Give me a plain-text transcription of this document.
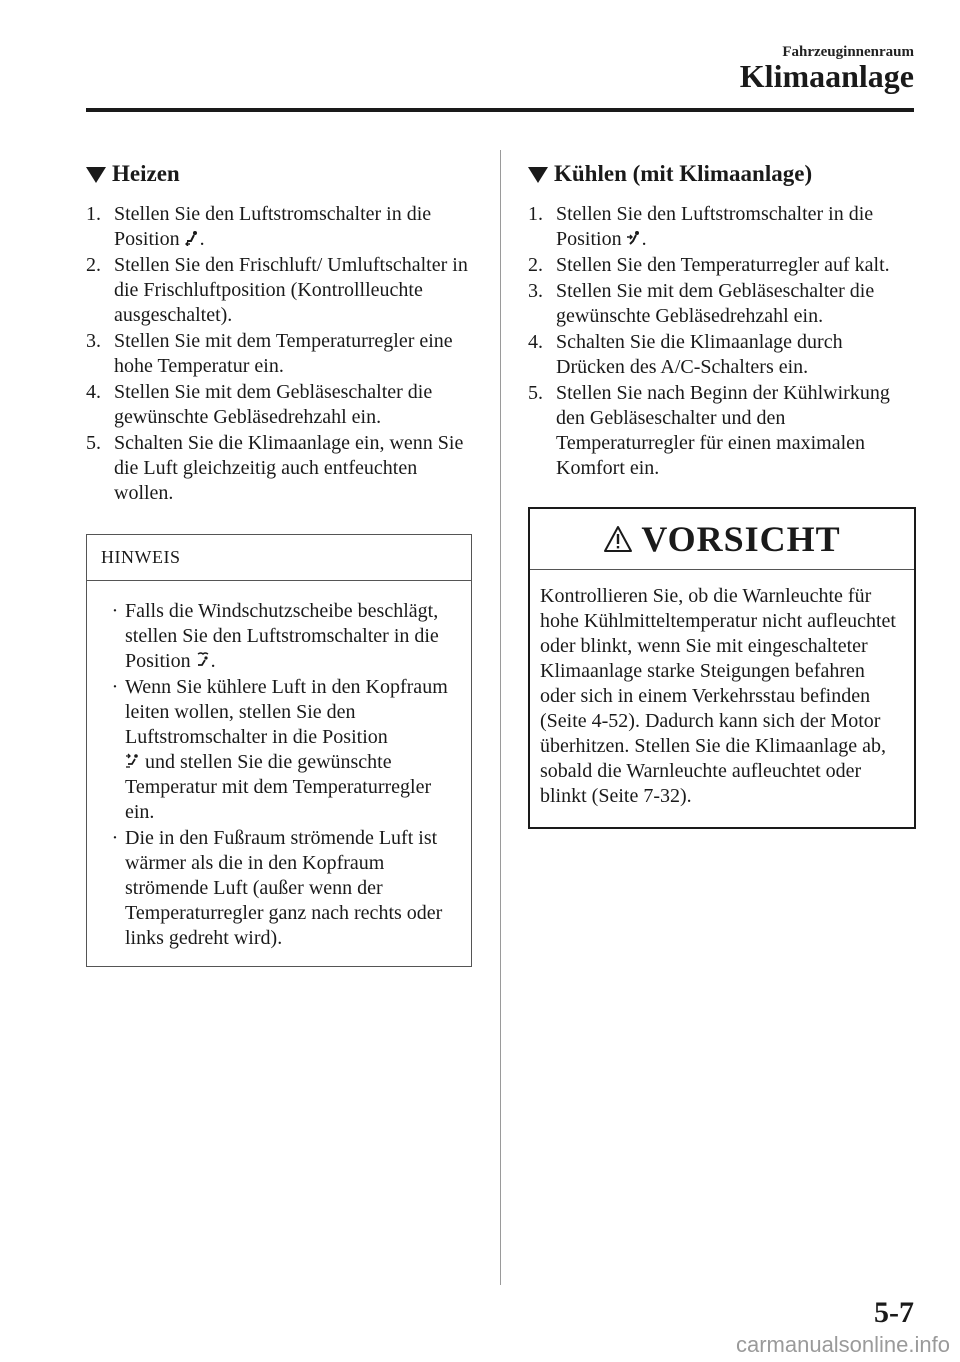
Fahrzeuginnenraum
Klimaanlage
Heizen
1. Stellen Sie den Luftstromschalter in die Position .
2. Stellen Sie den Frischluft/ Umluftschalter in die Frischluftposition (Kontrollleuchte ausgeschaltet).
3. Stellen Sie mit dem Temperaturregler eine hohe Temperatur ein.
4. Stellen Sie mit dem Gebläseschalter die gewünschte Gebläsedrehzahl ein.
5. Schalten Sie die Klimaanlage ein, wenn Sie die Luft gleichzeitig auch entfeuchten wollen.
HINWEIS
· Falls die Windschutzscheibe beschlägt, stellen Sie den Luftstromschalter in die Position .
· Wenn Sie kühlere Luft in den Kopfraum leiten wollen, stellen Sie den Luftstromschalter in die Position
und stellen Sie die gewünschte Temperatur mit dem Temperaturregler ein.
· Die in den Fußraum strömende Luft ist wärmer als die in den Kopfraum strömende Luft (außer wenn der Temperaturregler ganz nach rechts oder links gedreht wird).
Kühlen (mit Klimaanlage)
1. Stellen Sie den Luftstromschalter in die Position .
2. Stellen Sie den Temperaturregler auf kalt.
3. Stellen Sie mit dem Gebläseschalter die gewünschte Gebläsedrehzahl ein.
4. Schalten Sie die Klimaanlage durch Drücken des A/C-Schalters ein.
5. Stellen Sie nach Beginn der Kühlwirkung den Gebläseschalter und den Temperaturregler für einen maximalen Komfort ein.
VORSICHT
Kontrollieren Sie, ob die Warnleuchte für hohe Kühlmitteltemperatur nicht aufleuchtet oder blinkt, wenn Sie mit eingeschalteter Klimaanlage starke Steigungen befahren oder sich in einem Verkehrsstau befinden (Seite 4-52). Dadurch kann sich der Motor überhitzen. Stellen Sie die Klimaanlage ab, sobald die Warnleuchte aufleuchtet oder blinkt (Seite 7-32).
5-7
carmanualsonline.info
